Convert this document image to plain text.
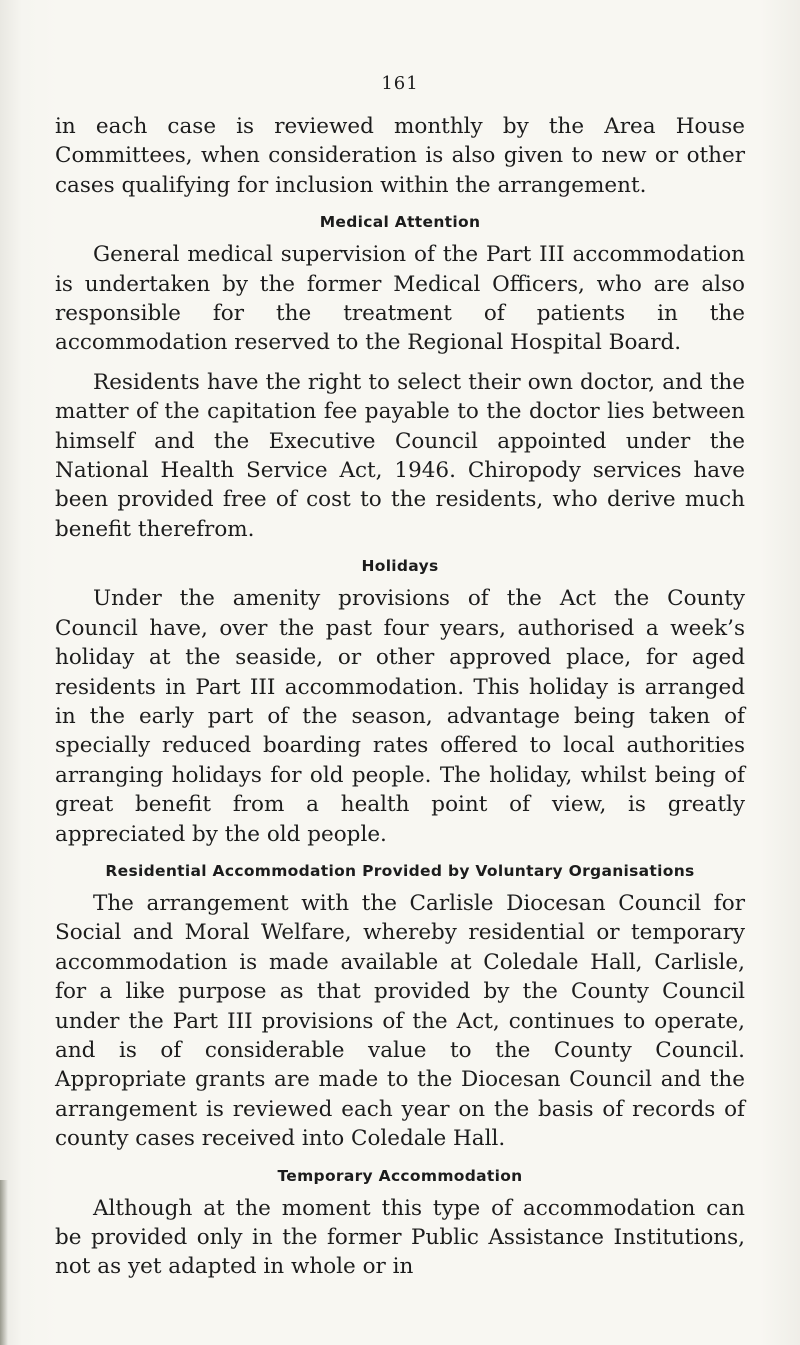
161

in each case is reviewed monthly by the Area House Committees, when consideration is also given to new or other cases qualifying for inclusion within the arrangement.

Medical Attention

General medical supervision of the Part III accommodation is undertaken by the former Medical Officers, who are also responsible for the treatment of patients in the accommodation reserved to the Regional Hospital Board.

Residents have the right to select their own doctor, and the matter of the capitation fee payable to the doctor lies between himself and the Executive Council appointed under the National Health Service Act, 1946. Chiropody services have been provided free of cost to the residents, who derive much benefit therefrom.

Holidays

Under the amenity provisions of the Act the County Council have, over the past four years, authorised a week’s holiday at the seaside, or other approved place, for aged residents in Part III accommodation. This holiday is arranged in the early part of the season, advantage being taken of specially reduced boarding rates offered to local authorities arranging holidays for old people. The holiday, whilst being of great benefit from a health point of view, is greatly appreciated by the old people.

Residential Accommodation Provided by Voluntary Organisations

The arrangement with the Carlisle Diocesan Council for Social and Moral Welfare, whereby residential or temporary accommodation is made available at Coledale Hall, Carlisle, for a like purpose as that provided by the County Council under the Part III provisions of the Act, continues to operate, and is of considerable value to the County Council. Appropriate grants are made to the Diocesan Council and the arrangement is reviewed each year on the basis of records of county cases received into Coledale Hall.

Temporary Accommodation

Although at the moment this type of accommodation can be provided only in the former Public Assistance Institutions, not as yet adapted in whole or in
